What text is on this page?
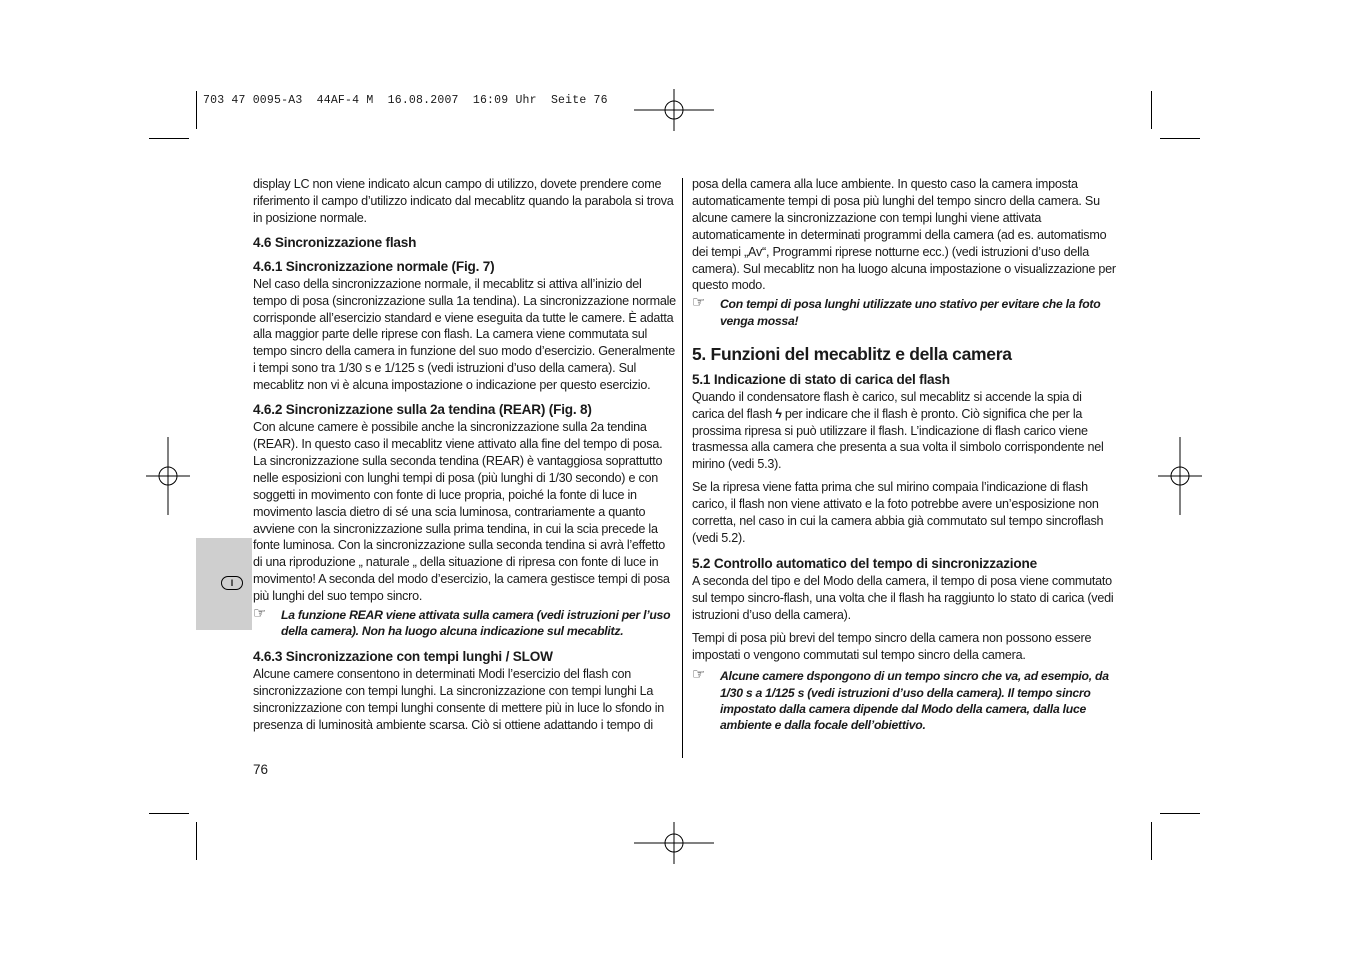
703 47 0095-A3  44AF-4 M  16.08.2007  16:09 Uhr  Seite 76
I

display LC non viene indicato alcun campo di utilizzo, dovete prendere come riferimento il campo d’utilizzo indicato dal mecablitz quando la parabola si trova in posizione normale.

4.6 Sincronizzazione flash
4.6.1 Sincronizzazione normale (Fig. 7)

Nel caso della sincronizzazione normale, il mecablitz si attiva all’inizio del tempo di posa (sincronizzazione sulla 1a tendina). La sincronizzazione normale corrisponde all’esercizio standard e viene eseguita da tutte le camere. È adatta alla maggior parte delle riprese con flash. La camera viene commutata sul tempo sincro della camera in funzione del suo modo d’esercizio. Generalmente i tempi sono tra 1/30 s e 1/125 s (vedi istruzioni d’uso della camera). Sul mecablitz non vi è alcuna impostazione o indicazione per questo esercizio.

4.6.2 Sincronizzazione sulla 2a tendina (REAR) (Fig. 8)

Con alcune camere è possibile anche la sincronizzazione sulla 2a tendina (REAR). In questo caso il mecablitz viene attivato alla fine del tempo di posa. La sincronizzazione sulla seconda tendina (REAR) è vantaggiosa soprattutto nelle esposizioni con lunghi tempi di posa (più lunghi di 1/30 secondo) e con soggetti in movimento con fonte di luce propria, poiché la fonte di luce in movimento lascia dietro di sé una scia luminosa, contrariamente a quanto avviene con la sincronizzazione sulla prima tendina, in cui la scia precede la fonte luminosa. Con la sincronizzazione sulla seconda tendina si avrà l’effetto di una riproduzione „ naturale „ della situazione di ripresa con fonte di luce in movimento! A seconda del modo d’esercizio, la camera gestisce tempi di posa più lunghi del suo tempo sincro.

☞ La funzione REAR viene attivata sulla camera (vedi istruzioni per l’uso della camera). Non ha luogo alcuna indicazione sul mecablitz.
4.6.3 Sincronizzazione con tempi lunghi / SLOW

Alcune camere consentono in determinati Modi l’esercizio del flash con sincronizzazione con tempi lunghi. La sincronizzazione con tempi lunghi La sincronizzazione con tempi lunghi consente di mettere più in luce lo sfondo in presenza di luminosità ambiente scarsa. Ciò si ottiene adattando i tempo di

76

posa della camera alla luce ambiente. In questo caso la camera imposta automaticamente tempi di posa più lunghi del tempo sincro della camera. Su alcune camere la sincronizzazione con tempi lunghi viene attivata automaticamente in determinati programmi della camera (ad es. automatismo dei tempi „Av“, Programmi riprese notturne ecc.) (vedi istruzioni d’uso della camera). Sul mecablitz non ha luogo alcuna impostazione o visualizzazione per questo modo.

☞ Con tempi di posa lunghi utilizzate uno stativo per evitare che la foto venga mossa!
5. Funzioni del mecablitz e della camera
5.1 Indicazione di stato di carica del flash

Quando il condensatore flash è carico, sul mecablitz si accende la spia di carica del flash ϟ per indicare che il flash è pronto. Ciò significa che per la prossima ripresa si può utilizzare il flash. L’indicazione di flash carico viene trasmessa alla camera che presenta a sua volta il simbolo corrispondente nel mirino (vedi 5.3).

Se la ripresa viene fatta prima che sul mirino compaia l’indicazione di flash carico, il flash non viene attivato e la foto potrebbe avere un’esposizione non corretta, nel caso in cui la camera abbia già commutato sul tempo sincroflash (vedi 5.2).

5.2 Controllo automatico del tempo di sincronizzazione

A seconda del tipo e del Modo della camera, il tempo di posa viene commutato sul tempo sincro-flash, una volta che il flash ha raggiunto lo stato di carica (vedi istruzioni d’uso della camera).

Tempi di posa più brevi del tempo sincro della camera non possono essere impostati o vengono commutati sul tempo sincro della camera.

☞ Alcune camere dspongono di un tempo sincro che va, ad esempio, da 1/30 s a 1/125 s (vedi istruzioni d’uso della camera). Il tempo sincro impostato dalla camera dipende dal Modo della camera, dalla luce ambiente e dalla focale dell’obiettivo.
